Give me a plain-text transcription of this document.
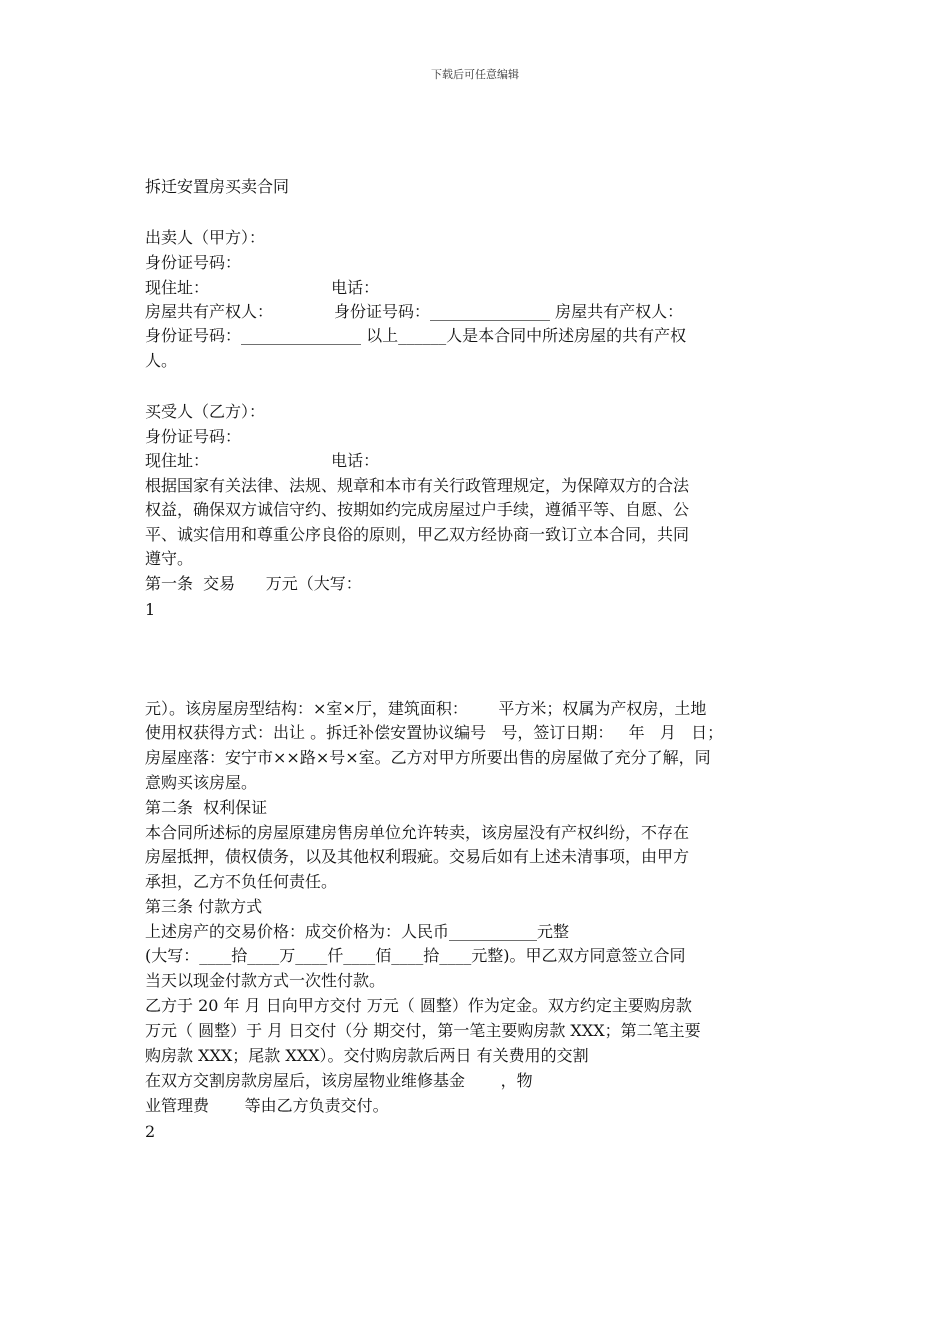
下载后可任意编辑
拆迁安置房买卖合同
出卖人（甲方）：
身份证号码：
现住址：                        电话：
房屋共有产权人：            身份证号码：_______________ 房屋共有产权人：
身份证号码：_______________ 以上______人是本合同中所述房屋的共有产权
人。
买受人（乙方）：
身份证号码：
现住址：                        电话：
根据国家有关法律、法规、规章和本市有关行政管理规定，为保障双方的合法
权益，确保双方诚信守约、按期如约完成房屋过户手续，遵循平等、自愿、公
平、诚实信用和尊重公序良俗的原则，甲乙双方经协商一致订立本合同，共同
遵守。
第一条  交易      万元（大写：
1
元）。该房屋房型结构：×室×厅，建筑面积：      平方米；权属为产权房，土地
使用权获得方式：出让 。拆迁补偿安置协议编号   号，签订日期：   年   月   日；
房屋座落：安宁市××路×号×室。乙方对甲方所要出售的房屋做了充分了解，同
意购买该房屋。
第二条  权利保证
本合同所述标的房屋原建房售房单位允许转卖，该房屋没有产权纠纷，不存在
房屋抵押，债权债务，以及其他权利瑕疵。交易后如有上述未清事项，由甲方
承担，乙方不负任何责任。
第三条 付款方式
上述房产的交易价格：成交价格为：人民币___________元整
(大写：____拾____万____仟____佰____拾____元整)。甲乙双方同意签立合同
当天以现金付款方式一次性付款。
乙方于 20 年 月 日向甲方交付 万元（ 圆整）作为定金。双方约定主要购房款
万元（ 圆整）于 月 日交付（分 期交付，第一笔主要购房款 XXX；第二笔主要
购房款 XXX；尾款 XXX）。交付购房款后两日 有关费用的交割
在双方交割房款房屋后，该房屋物业维修基金       ，物
业管理费       等由乙方负责交付。
2
